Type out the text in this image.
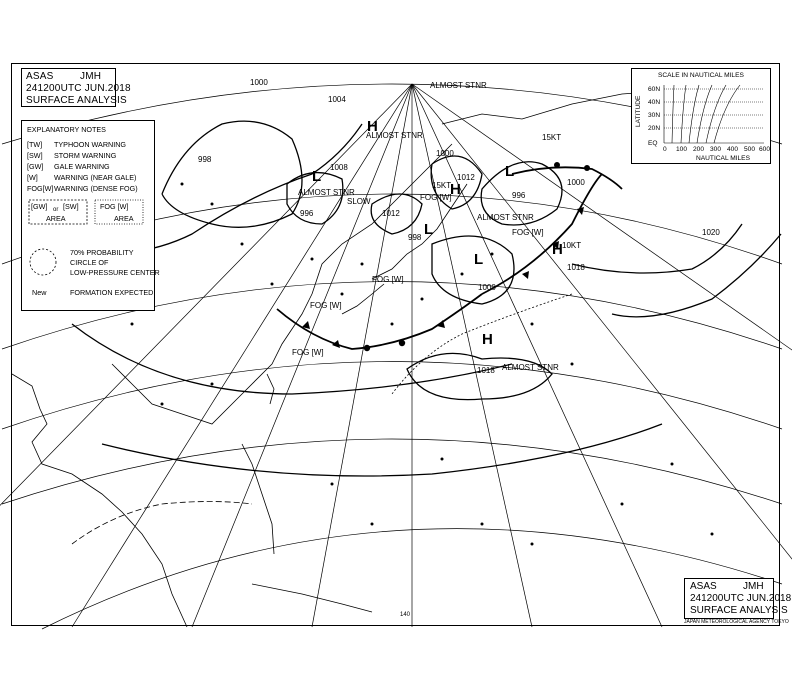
L
H
H
L
L
L
H
H
1000
1004
1000
1008
998
996	1012
1012
998
996
1000
1000
1018
1018
1020
ALMOST STNR
ALMOST STNR
ALMOST STNR
ALMOST STNR
15KT
15KT
10KT
ALMOST STNR
FOG [W]
FOG [W]
FOG [W]
FOG [W]
FOG [W]
SLOW
140
ASAS	JMH
241200UTC JUN.2018
SURFACE ANALYSIS
EXPLANATORY NOTES
[TW] TYPHOON WARNING
[SW] STORM WARNING
[GW] GALE WARNING
[W] WARNING (NEAR GALE)
FOG[W] WARNING (DENSE FOG)
[GW] or [SW]
AREA
FOG [W]
AREA
70% PROBABILITY
CIRCLE OF
LOW-PRESSURE CENTER
New	FORMATION EXPECTED
SCALE IN NAUTICAL MILES
LATITUDE
60N
40N
30N
20N
EQ
0 100 200 300 400 500 600
NAUTICAL MILES
ASAS	JMH
241200UTC JUN.2018
SURFACE ANALYSIS
JAPAN METEOROLOGICAL AGENCY TOKYO
